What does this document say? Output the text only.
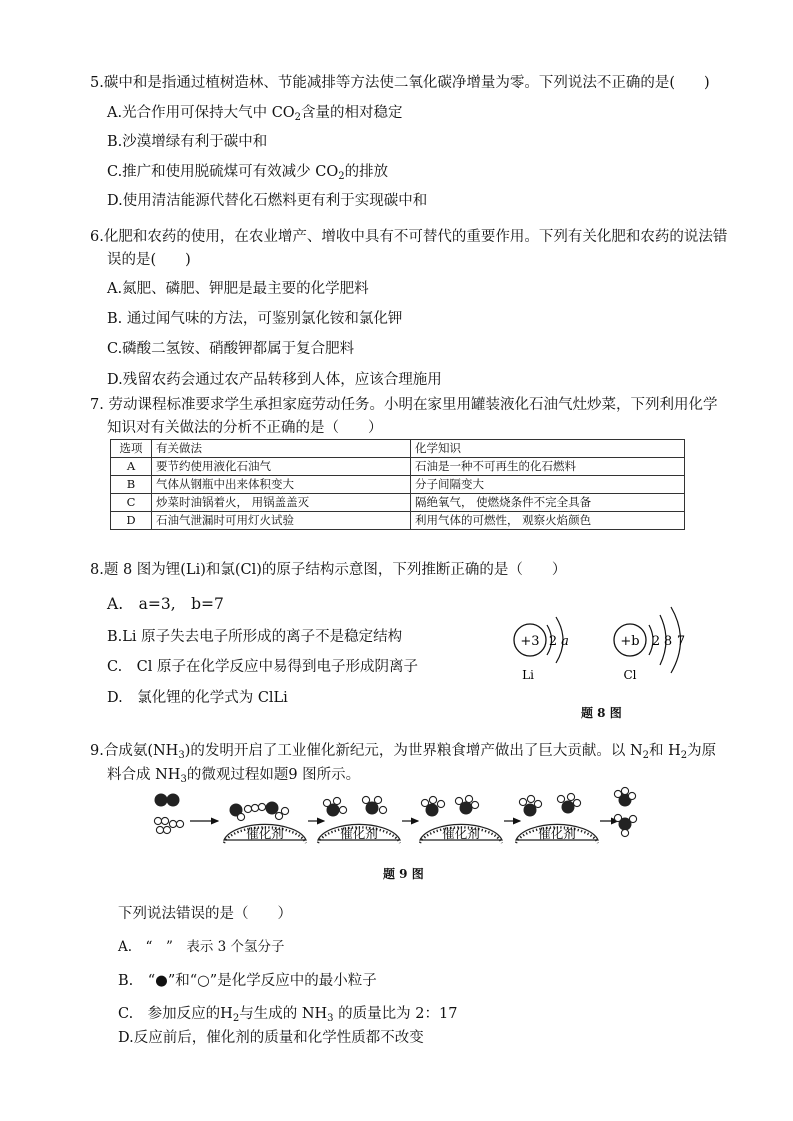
5.碳中和是指通过植树造林、节能减排等方法使二氧化碳净增量为零。下列说法不正确的是(　　)
A.光合作用可保持大气中 $CO_2$含量的相对稳定
B.沙漠增绿有利于碳中和
C.推广和使用脱硫煤可有效减少 $CO_2$的排放
D.使用清洁能源代替化石燃料更有利于实现碳中和
6.化肥和农药的使用，在农业增产、增收中具有不可替代的重要作用。下列有关化肥和农药的说法错
误的是(　　)
A.氮肥、磷肥、钾肥是最主要的化学肥料
B. 通过闻气味的方法，可鉴别氯化铵和氯化钾
C.磷酸二氢铵、硝酸钾都属于复合肥料
D.残留农药会通过农产品转移到人体，应该合理施用
7. 劳动课程标准要求学生承担家庭劳动任务。小明在家里用罐装液化石油气灶炒菜，下列利用化学
知识对有关做法的分析不正确的是（　　）
选项	有关做法	化学知识
A	要节约使用液化石油气	石油是一种不可再生的化石燃料
B	气体从钢瓶中出来体积变大	分子间隔变大
C	炒菜时油锅着火， 用锅盖盖灭	隔绝氧气， 使燃烧条件不完全具备
D	石油气泄漏时可用灯火试验	利用气体的可燃性， 观察火焰颜色
8.题 8 图为锂(Li)和氯(Cl)的原子结构示意图，下列推断正确的是（　　）
A.　a=3,　b=7
B.Li 原子失去电子所形成的离子不是稳定结构
C.　Cl 原子在化学反应中易得到电子形成阴离子
D.　氯化锂的化学式为 ClLi
+3 2 a
Li
+b 2 8 7
Cl
题 8 图
9.合成氨$(NH_3)$的发明开启了工业催化新纪元，为世界粮食增产做出了巨大贡献。以 $N_2$和 $H_2$为原
料合成 $NH_3$的微观过程如题9 图所示。
催化剂	催化剂	催化剂	催化剂
题 9 图
下列说法错误的是（　　）
A.　“　”　表示 3 个氢分子
B.　“●”和“○”是化学反应中的最小粒子
C.　参加反应的$H_2$与生成的 $NH_3$ 的质量比为 2：17
D.反应前后，催化剂的质量和化学性质都不改变
